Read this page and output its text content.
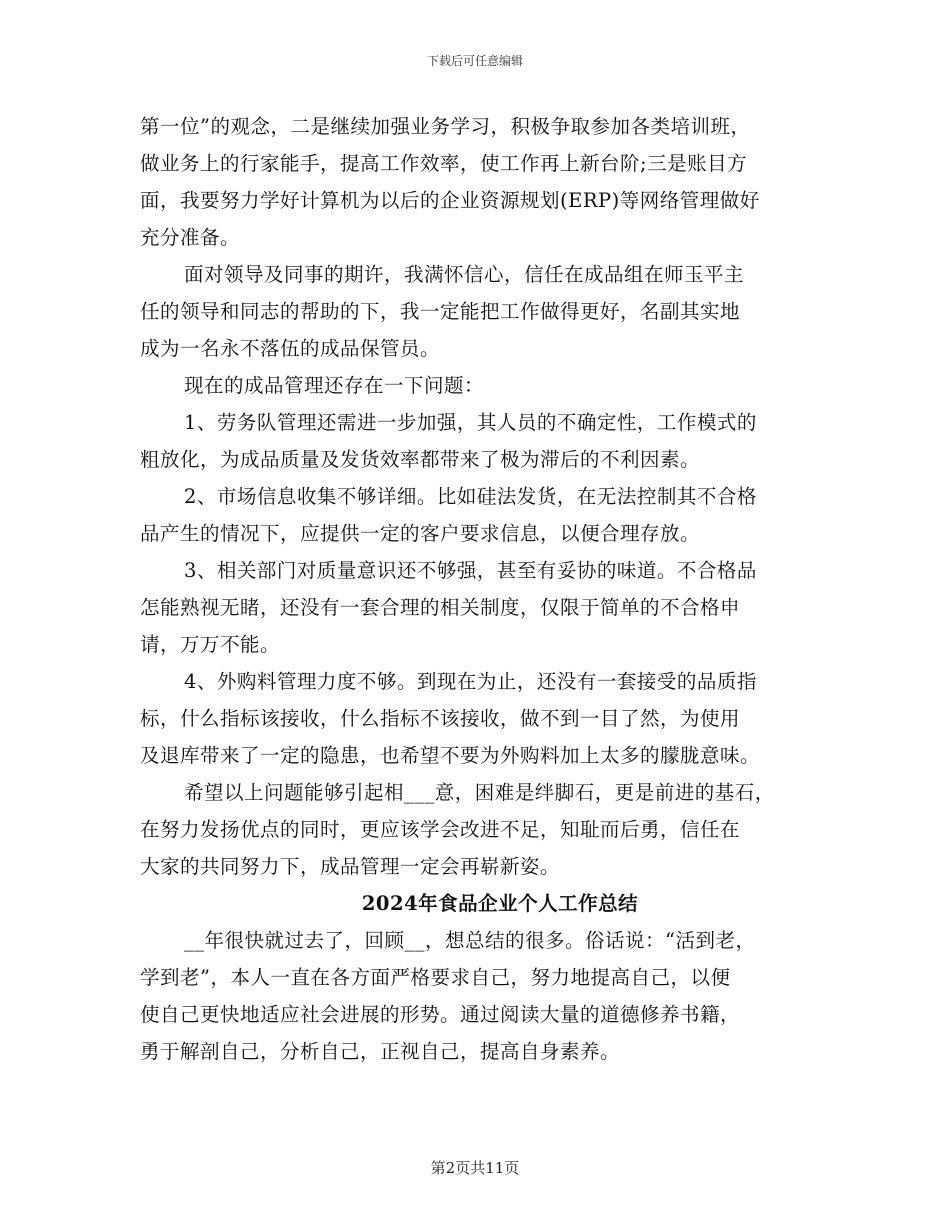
下载后可任意编辑
第一位”的观念，二是继续加强业务学习，积极争取参加各类培训班，
做业务上的行家能手，提高工作效率，使工作再上新台阶;三是账目方
面，我要努力学好计算机为以后的企业资源规划(ERP)等网络管理做好
充分准备。
面对领导及同事的期许，我满怀信心，信任在成品组在师玉平主
任的领导和同志的帮助的下，我一定能把工作做得更好，名副其实地
成为一名永不落伍的成品保管员。
现在的成品管理还存在一下问题：
1、劳务队管理还需进一步加强，其人员的不确定性，工作模式的
粗放化，为成品质量及发货效率都带来了极为滞后的不利因素。
2、市场信息收集不够详细。比如硅法发货，在无法控制其不合格
品产生的情况下，应提供一定的客户要求信息，以便合理存放。
3、相关部门对质量意识还不够强，甚至有妥协的味道。不合格品
怎能熟视无睹，还没有一套合理的相关制度，仅限于简单的不合格申
请，万万不能。
4、外购料管理力度不够。到现在为止，还没有一套接受的品质指
标，什么指标该接收，什么指标不该接收，做不到一目了然，为使用
及退库带来了一定的隐患，也希望不要为外购料加上太多的朦胧意味。
希望以上问题能够引起相___意，困难是绊脚石，更是前进的基石，
在努力发扬优点的同时，更应该学会改进不足，知耻而后勇，信任在
大家的共同努力下，成品管理一定会再崭新姿。
2024年食品企业个人工作总结
__年很快就过去了，回顾__，想总结的很多。俗话说：“活到老，
学到老”，本人一直在各方面严格要求自己，努力地提高自己，以便
使自己更快地适应社会进展的形势。通过阅读大量的道德修养书籍，
勇于解剖自己，分析自己，正视自己，提高自身素养。
第2页共11页
